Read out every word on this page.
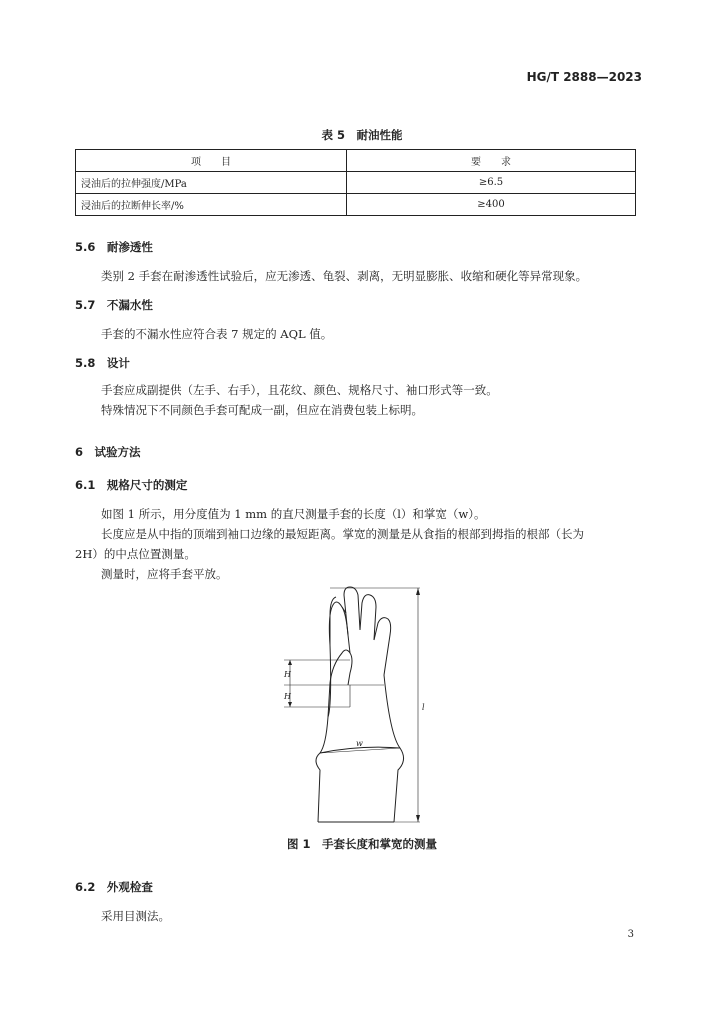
HG/T 2888—2023
表 5　耐油性能
项　　目	要　　求
浸油后的拉伸强度/MPa	≥6.5
浸油后的拉断伸长率/%	≥400
5.6　耐渗透性
类别 2 手套在耐渗透性试验后，应无渗透、龟裂、剥离，无明显膨胀、收缩和硬化等异常现象。
5.7　不漏水性
手套的不漏水性应符合表 7 规定的 AQL 值。
5.8　设计
手套应成副提供（左手、右手），且花纹、颜色、规格尺寸、袖口形式等一致。
特殊情况下不同颜色手套可配成一副，但应在消费包装上标明。
6　试验方法
6.1　规格尺寸的测定
如图 1 所示，用分度值为 1 mm 的直尺测量手套的长度（l）和掌宽（w）。
长度应是从中指的顶端到袖口边缘的最短距离。掌宽的测量是从食指的根部到拇指的根部（长为
2H）的中点位置测量。
测量时，应将手套平放。
H
H
l
w
图 1　手套长度和掌宽的测量
6.2　外观检查
采用目测法。
3
